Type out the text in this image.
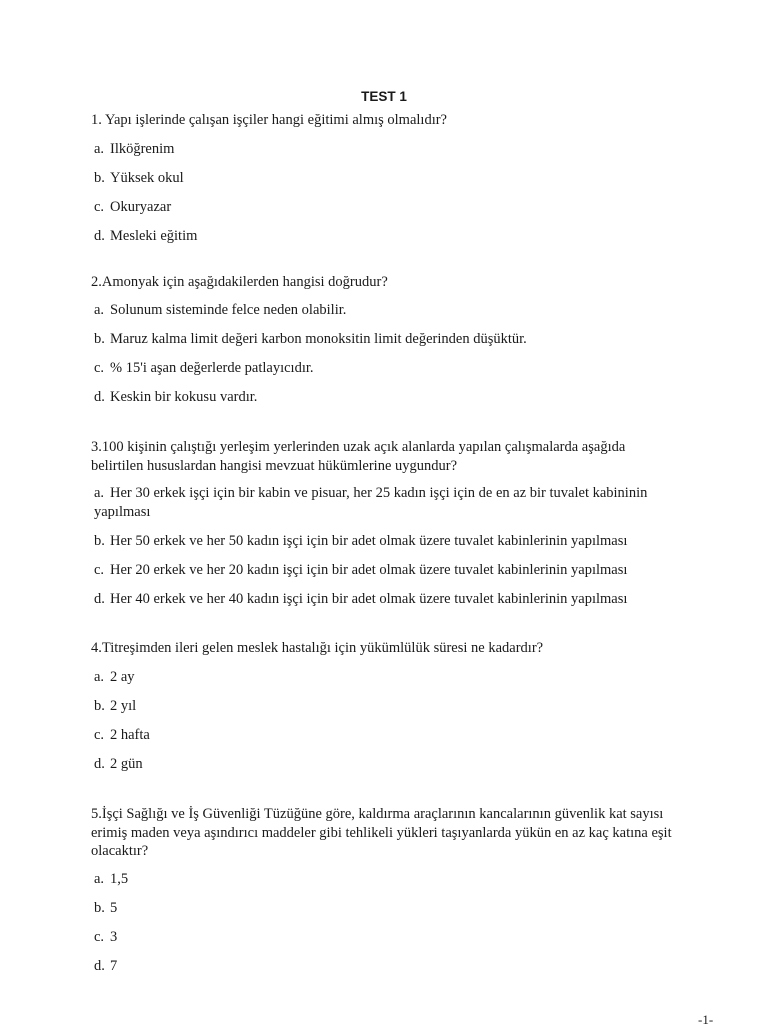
TEST 1
1. Yapı işlerinde çalışan işçiler hangi eğitimi almış olmalıdır?
a. Ilköğrenim
b. Yüksek okul
c. Okuryazar
d. Mesleki eğitim
2.Amonyak için aşağıdakilerden hangisi doğrudur?
a. Solunum sisteminde felce neden olabilir.
b. Maruz kalma limit değeri karbon monoksitin limit değerinden düşüktür.
c. % 15'i aşan değerlerde patlayıcıdır.
d. Keskin bir kokusu vardır.
3.100 kişinin çalıştığı yerleşim yerlerinden uzak açık alanlarda yapılan çalışmalarda aşağıda belirtilen hususlardan hangisi mevzuat hükümlerine uygundur?
a. Her 30 erkek işçi için bir kabin ve pisuar, her 25 kadın işçi için de en az bir tuvalet kabininin yapılması
b. Her 50 erkek ve her 50 kadın işçi için bir adet olmak üzere tuvalet kabinlerinin yapılması
c. Her 20 erkek ve her 20 kadın işçi için bir adet olmak üzere tuvalet kabinlerinin yapılması
d. Her 40 erkek ve her 40 kadın işçi için bir adet olmak üzere tuvalet kabinlerinin yapılması
4.Titreşimden ileri gelen meslek hastalığı için yükümlülük süresi ne kadardır?
a. 2 ay
b. 2 yıl
c. 2 hafta
d. 2 gün
5.İşçi Sağlığı ve İş Güvenliği Tüzüğüne göre, kaldırma araçlarının kancalarının güvenlik kat sayısı erimiş maden veya aşındırıcı maddeler gibi tehlikeli yükleri taşıyanlarda yükün en az kaç katına eşit olacaktır?
a. 1,5
b. 5
c. 3
d. 7
-1-
